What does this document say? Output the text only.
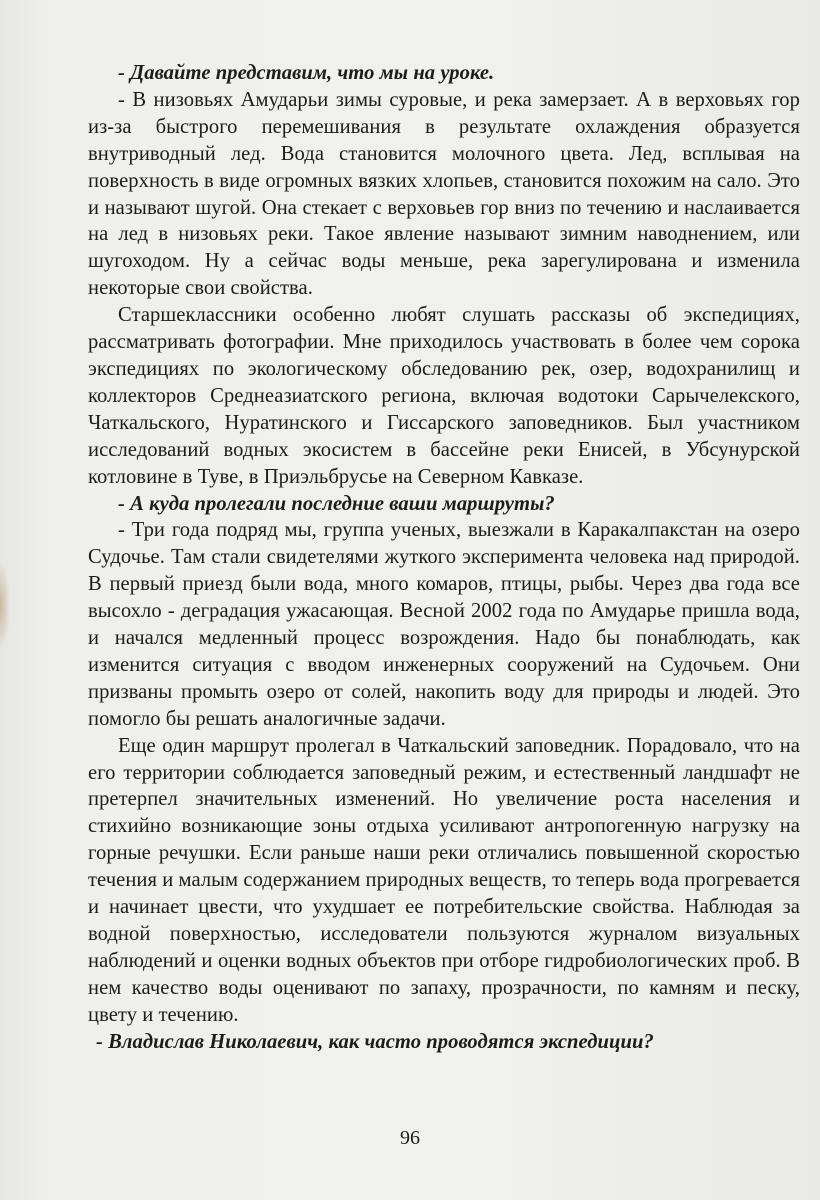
- Давайте представим, что мы на уроке.

- В низовьях Амударьи зимы суровые, и река замерзает. А в верховьях гор из-за быстрого перемешивания в результате охлаждения образуется внутриводный лед. Вода становится молочного цвета. Лед, всплывая на поверхность в виде огромных вязких хлопьев, становится похожим на сало. Это и называют шугой. Она стекает с верховьев гор вниз по течению и наслаивается на лед в низовьях реки. Такое явление называют зимним наводнением, или шугоходом. Ну а сейчас воды меньше, река зарегулирована и изменила некоторые свои свойства.

Старшеклассники особенно любят слушать рассказы об экспедициях, рассматривать фотографии. Мне приходилось участвовать в более чем сорока экспедициях по экологическому обследованию рек, озер, водохранилищ и коллекторов Среднеазиатского региона, включая водотоки Сарычелекского, Чаткальского, Нуратинского и Гиссарского заповедников. Был участником исследований водных экосистем в бассейне реки Енисей, в Убсунурской котловине в Туве, в Приэльбрусье на Северном Кавказе.

- А куда пролегали последние ваши маршруты?

- Три года подряд мы, группа ученых, выезжали в Каракалпакстан на озеро Судочье. Там стали свидетелями жуткого эксперимента человека над природой. В первый приезд были вода, много комаров, птицы, рыбы. Через два года все высохло - деградация ужасающая. Весной 2002 года по Амударье пришла вода, и начался медленный процесс возрождения. Надо бы понаблюдать, как изменится ситуация с вводом инженерных сооружений на Судочьем. Они призваны промыть озеро от солей, накопить воду для природы и людей. Это помогло бы решать аналогичные задачи.

Еще один маршрут пролегал в Чаткальский заповедник. Порадовало, что на его территории соблюдается заповедный режим, и естественный ландшафт не претерпел значительных изменений. Но увеличение роста населения и стихийно возникающие зоны отдыха усиливают антропогенную нагрузку на горные речушки. Если раньше наши реки отличались повышенной скоростью течения и малым содержанием природных веществ, то теперь вода прогревается и начинает цвести, что ухудшает ее потребительские свойства. Наблюдая за водной поверхностью, исследователи пользуются журналом визуальных наблюдений и оценки водных объектов при отборе гидробиологических проб. В нем качество воды оценивают по запаху, прозрачности, по камням и песку, цвету и течению.

- Владислав Николаевич, как часто проводятся экспедиции?

96
